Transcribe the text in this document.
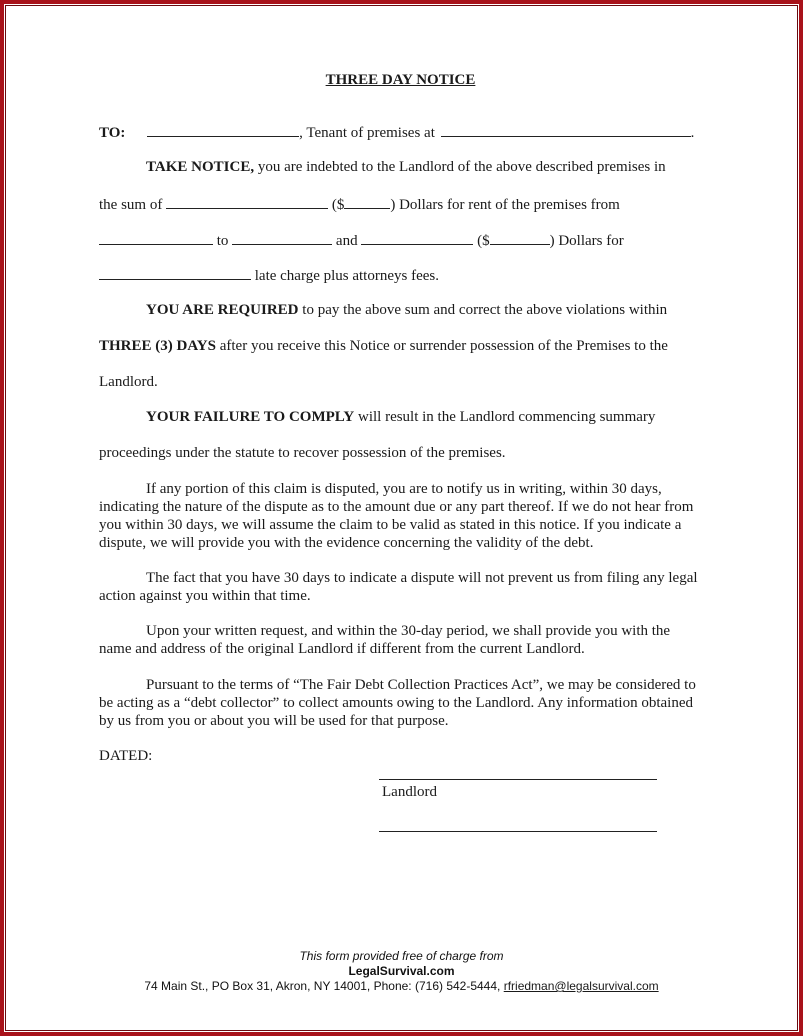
THREE DAY NOTICE
TO:	, Tenant of premises at	.
TAKE NOTICE, you are indebted to the Landlord of the above described premises in
the sum of	($	) Dollars for rent of the premises from
to	and	($	) Dollars for
late charge plus attorneys fees.
YOU ARE REQUIRED to pay the above sum and correct the above violations within
THREE (3) DAYS after you receive this Notice or surrender possession of the Premises to the
Landlord.
YOUR FAILURE TO COMPLY will result in the Landlord commencing summary
proceedings under the statute to recover possession of the premises.
If any portion of this claim is disputed, you are to notify us in writing, within 30 days, indicating the nature of the dispute as to the amount due or any part thereof. If we do not hear from you within 30 days, we will assume the claim to be valid as stated in this notice. If you indicate a dispute, we will provide you with the evidence concerning the validity of the debt.
The fact that you have 30 days to indicate a dispute will not prevent us from filing any legal action against you within that time.
Upon your written request, and within the 30-day period, we shall provide you with the name and address of the original Landlord if different from the current Landlord.
Pursuant to the terms of “The Fair Debt Collection Practices Act”, we may be considered to be acting as a “debt collector” to collect amounts owing to the Landlord. Any information obtained by us from you or about you will be used for that purpose.
DATED:
Landlord
This form provided free of charge from
LegalSurvival.com
74 Main St., PO Box 31, Akron, NY 14001, Phone: (716) 542-5444, rfriedman@legalsurvival.com
